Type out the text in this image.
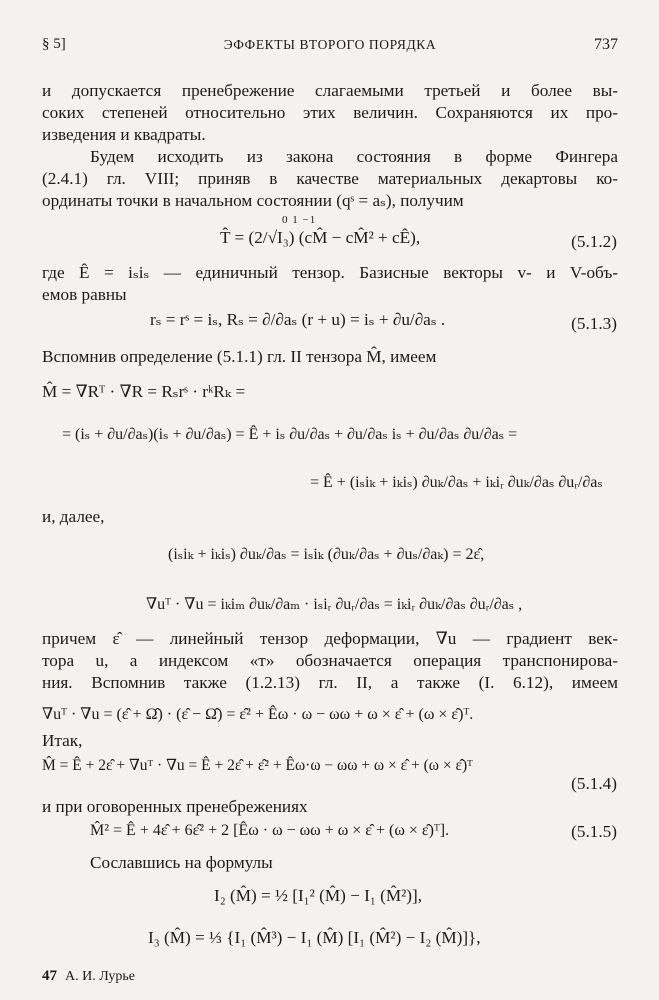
§ 5]	ЭФФЕКТЫ ВТОРОГО ПОРЯДКА	737
и допускается пренебрежение слагаемыми третьей и более вы-
соких степеней относительно этих величин. Сохраняются их про-
изведения и квадраты.
Будем исходить из закона состояния в форме Фингера
(2.4.1) гл. VIII; приняв в качестве материальных декартовы ко-
ординаты точки в начальном состоянии (qˢ = aₛ), получим
0 1 −1
T̂ = (2/√I₃) (cM̂ − cM̂² + cÊ),	(5.1.2)
где Ê = iₛiₛ — единичный тензор. Базисные векторы v- и V-объ-
емов равны
rₛ = rˢ = iₛ, Rₛ = ∂/∂aₛ (r + u) = iₛ + ∂u/∂aₛ .	(5.1.3)
Вспомнив определение (5.1.1) гл. II тензора M̂, имеем
M̂ = ∇Rᵀ · ∇R = Rₛrˢ · rᵏRₖ =
= (iₛ + ∂u/∂aₛ)(iₛ + ∂u/∂aₛ) = Ê + iₛ ∂u/∂aₛ + ∂u/∂aₛ iₛ + ∂u/∂aₛ ∂u/∂aₛ =
= Ê + (iₛiₖ + iₖiₛ) ∂uₖ/∂aₛ + iₖiᵣ ∂uₖ/∂aₛ ∂uᵣ/∂aₛ
и, далее,
(iₛiₖ + iₖiₛ) ∂uₖ/∂aₛ = iₛiₖ (∂uₖ/∂aₛ + ∂uₛ/∂aₖ) = 2ε̂,
∇uᵀ · ∇u = iₖiₘ ∂uₖ/∂aₘ · iₛiᵣ ∂uᵣ/∂aₛ = iₖiᵣ ∂uₖ/∂aₛ ∂uᵣ/∂aₛ ,
причем ε̂ — линейный тензор деформации, ∇u — градиент век-
тора u, а индексом «т» обозначается операция транспонирова-
ния. Вспомнив также (1.2.13) гл. II, а также (I. 6.12), имеем
∇uᵀ · ∇u = (ε̂ + Ω̂) · (ε̂ − Ω̂) = ε̂² + Êω · ω − ωω + ω × ε̂ + (ω × ε̂)ᵀ.
Итак,
M̂ = Ê + 2ε̂ + ∇uᵀ · ∇u = Ê + 2ε̂ + ε̂² + Êω·ω − ωω + ω × ε̂ + (ω × ε̂)ᵀ
(5.1.4)
и при оговоренных пренебрежениях
M̂² = Ê + 4ε̂ + 6ε̂² + 2 [Êω · ω − ωω + ω × ε̂ + (ω × ε̂)ᵀ].	(5.1.5)
Сославшись на формулы
I₂ (M̂) = ½ [I₁² (M̂) − I₁ (M̂²)],
I₃ (M̂) = ⅓ {I₁ (M̂³) − I₁ (M̂) [I₁ (M̂²) − I₂ (M̂)]},
47 А. И. Лурье
